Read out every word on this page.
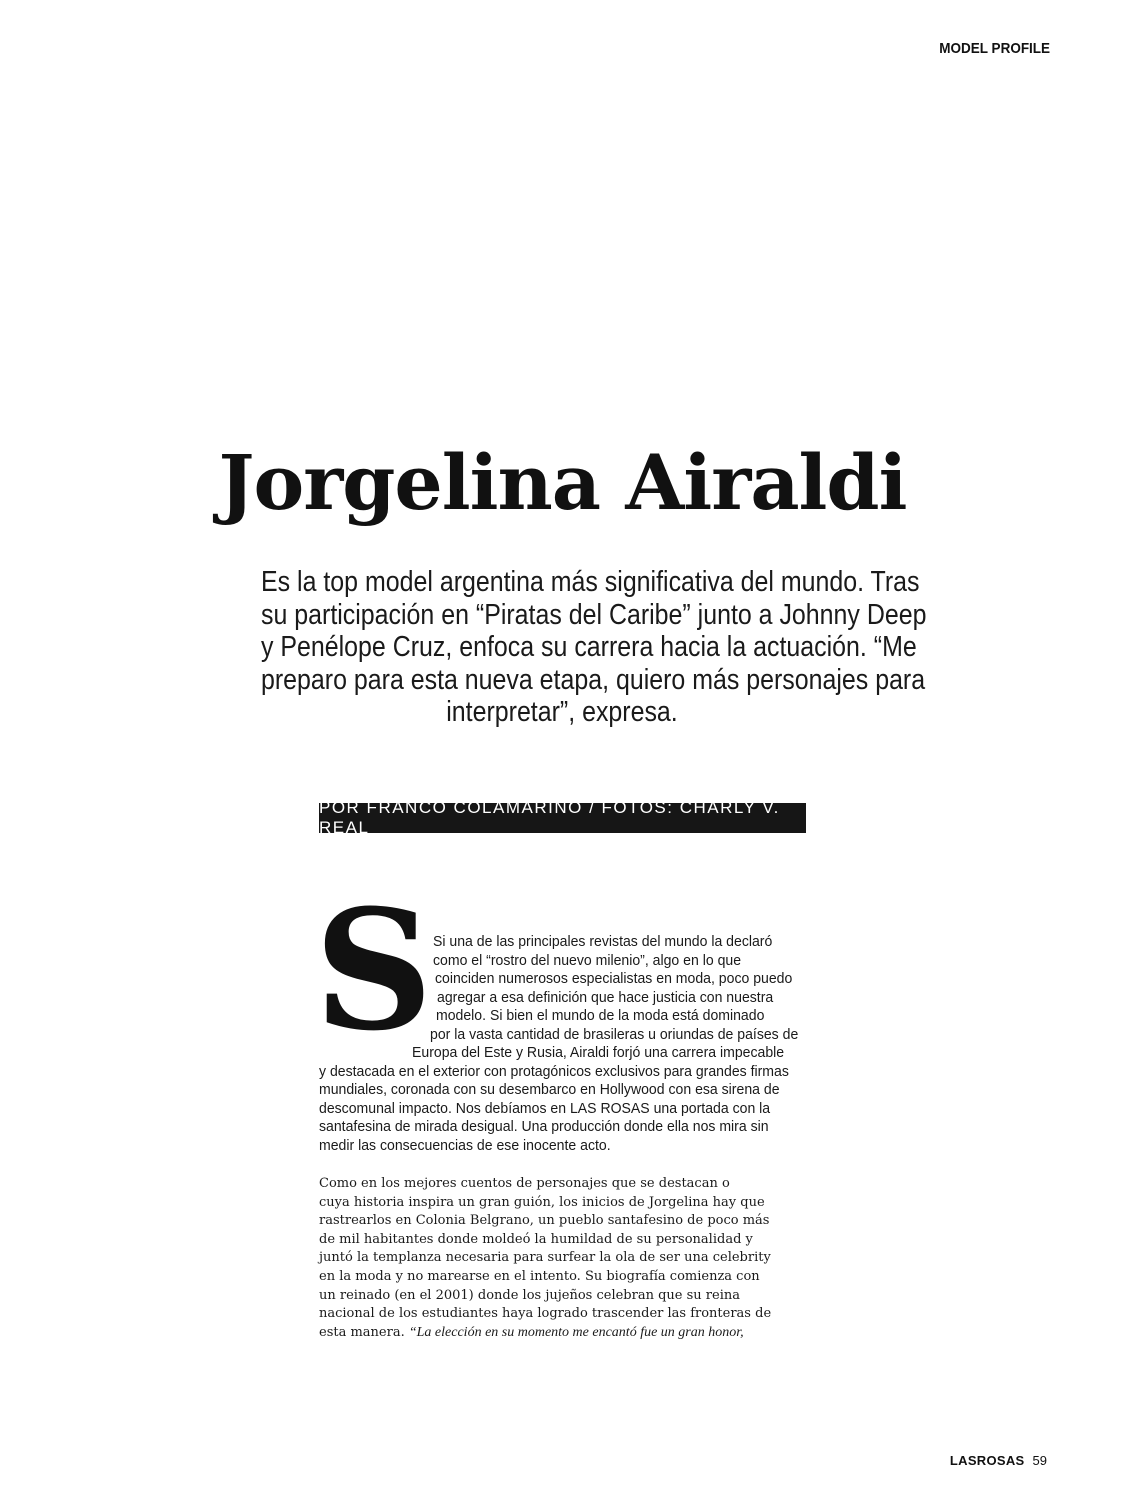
MODEL PROFILE
Jorgelina Airaldi
Es la top model argentina más significativa del mundo. Tras
su participación en “Piratas del Caribe” junto a Johnny Deep
y Penélope Cruz, enfoca su carrera hacia la actuación. “Me
preparo para esta nueva etapa, quiero más personajes para
interpretar”, expresa.
POR FRANCO COLAMARINO / FOTOS: CHARLY V. REAL
S Si una de las principales revistas del mundo la declaró
como el “rostro del nuevo milenio”, algo en lo que
coinciden numerosos especialistas en moda, poco puedo
agregar a esa definición que hace justicia con nuestra
modelo. Si bien el mundo de la moda está dominado
por la vasta cantidad de brasileras u oriundas de países de
Europa del Este y Rusia, Airaldi forjó una carrera impecable
y destacada en el exterior con protagónicos exclusivos para grandes firmas
mundiales, coronada con su desembarco en Hollywood con esa sirena de
descomunal impacto. Nos debíamos en LAS ROSAS una portada con la
santafesina de mirada desigual. Una producción donde ella nos mira sin
medir las consecuencias de ese inocente acto.
Como en los mejores cuentos de personajes que se destacan o
cuya historia inspira un gran guión, los inicios de Jorgelina hay que
rastrearlos en Colonia Belgrano, un pueblo santafesino de poco más
de mil habitantes donde moldeó la humildad de su personalidad y
juntó la templanza necesaria para surfear la ola de ser una celebrity
en la moda y no marearse en el intento. Su biografía comienza con
un reinado (en el 2001) donde los jujeños celebran que su reina
nacional de los estudiantes haya logrado trascender las fronteras de
esta manera. “La elección en su momento me encantó fue un gran honor,
LASROSAS 59
